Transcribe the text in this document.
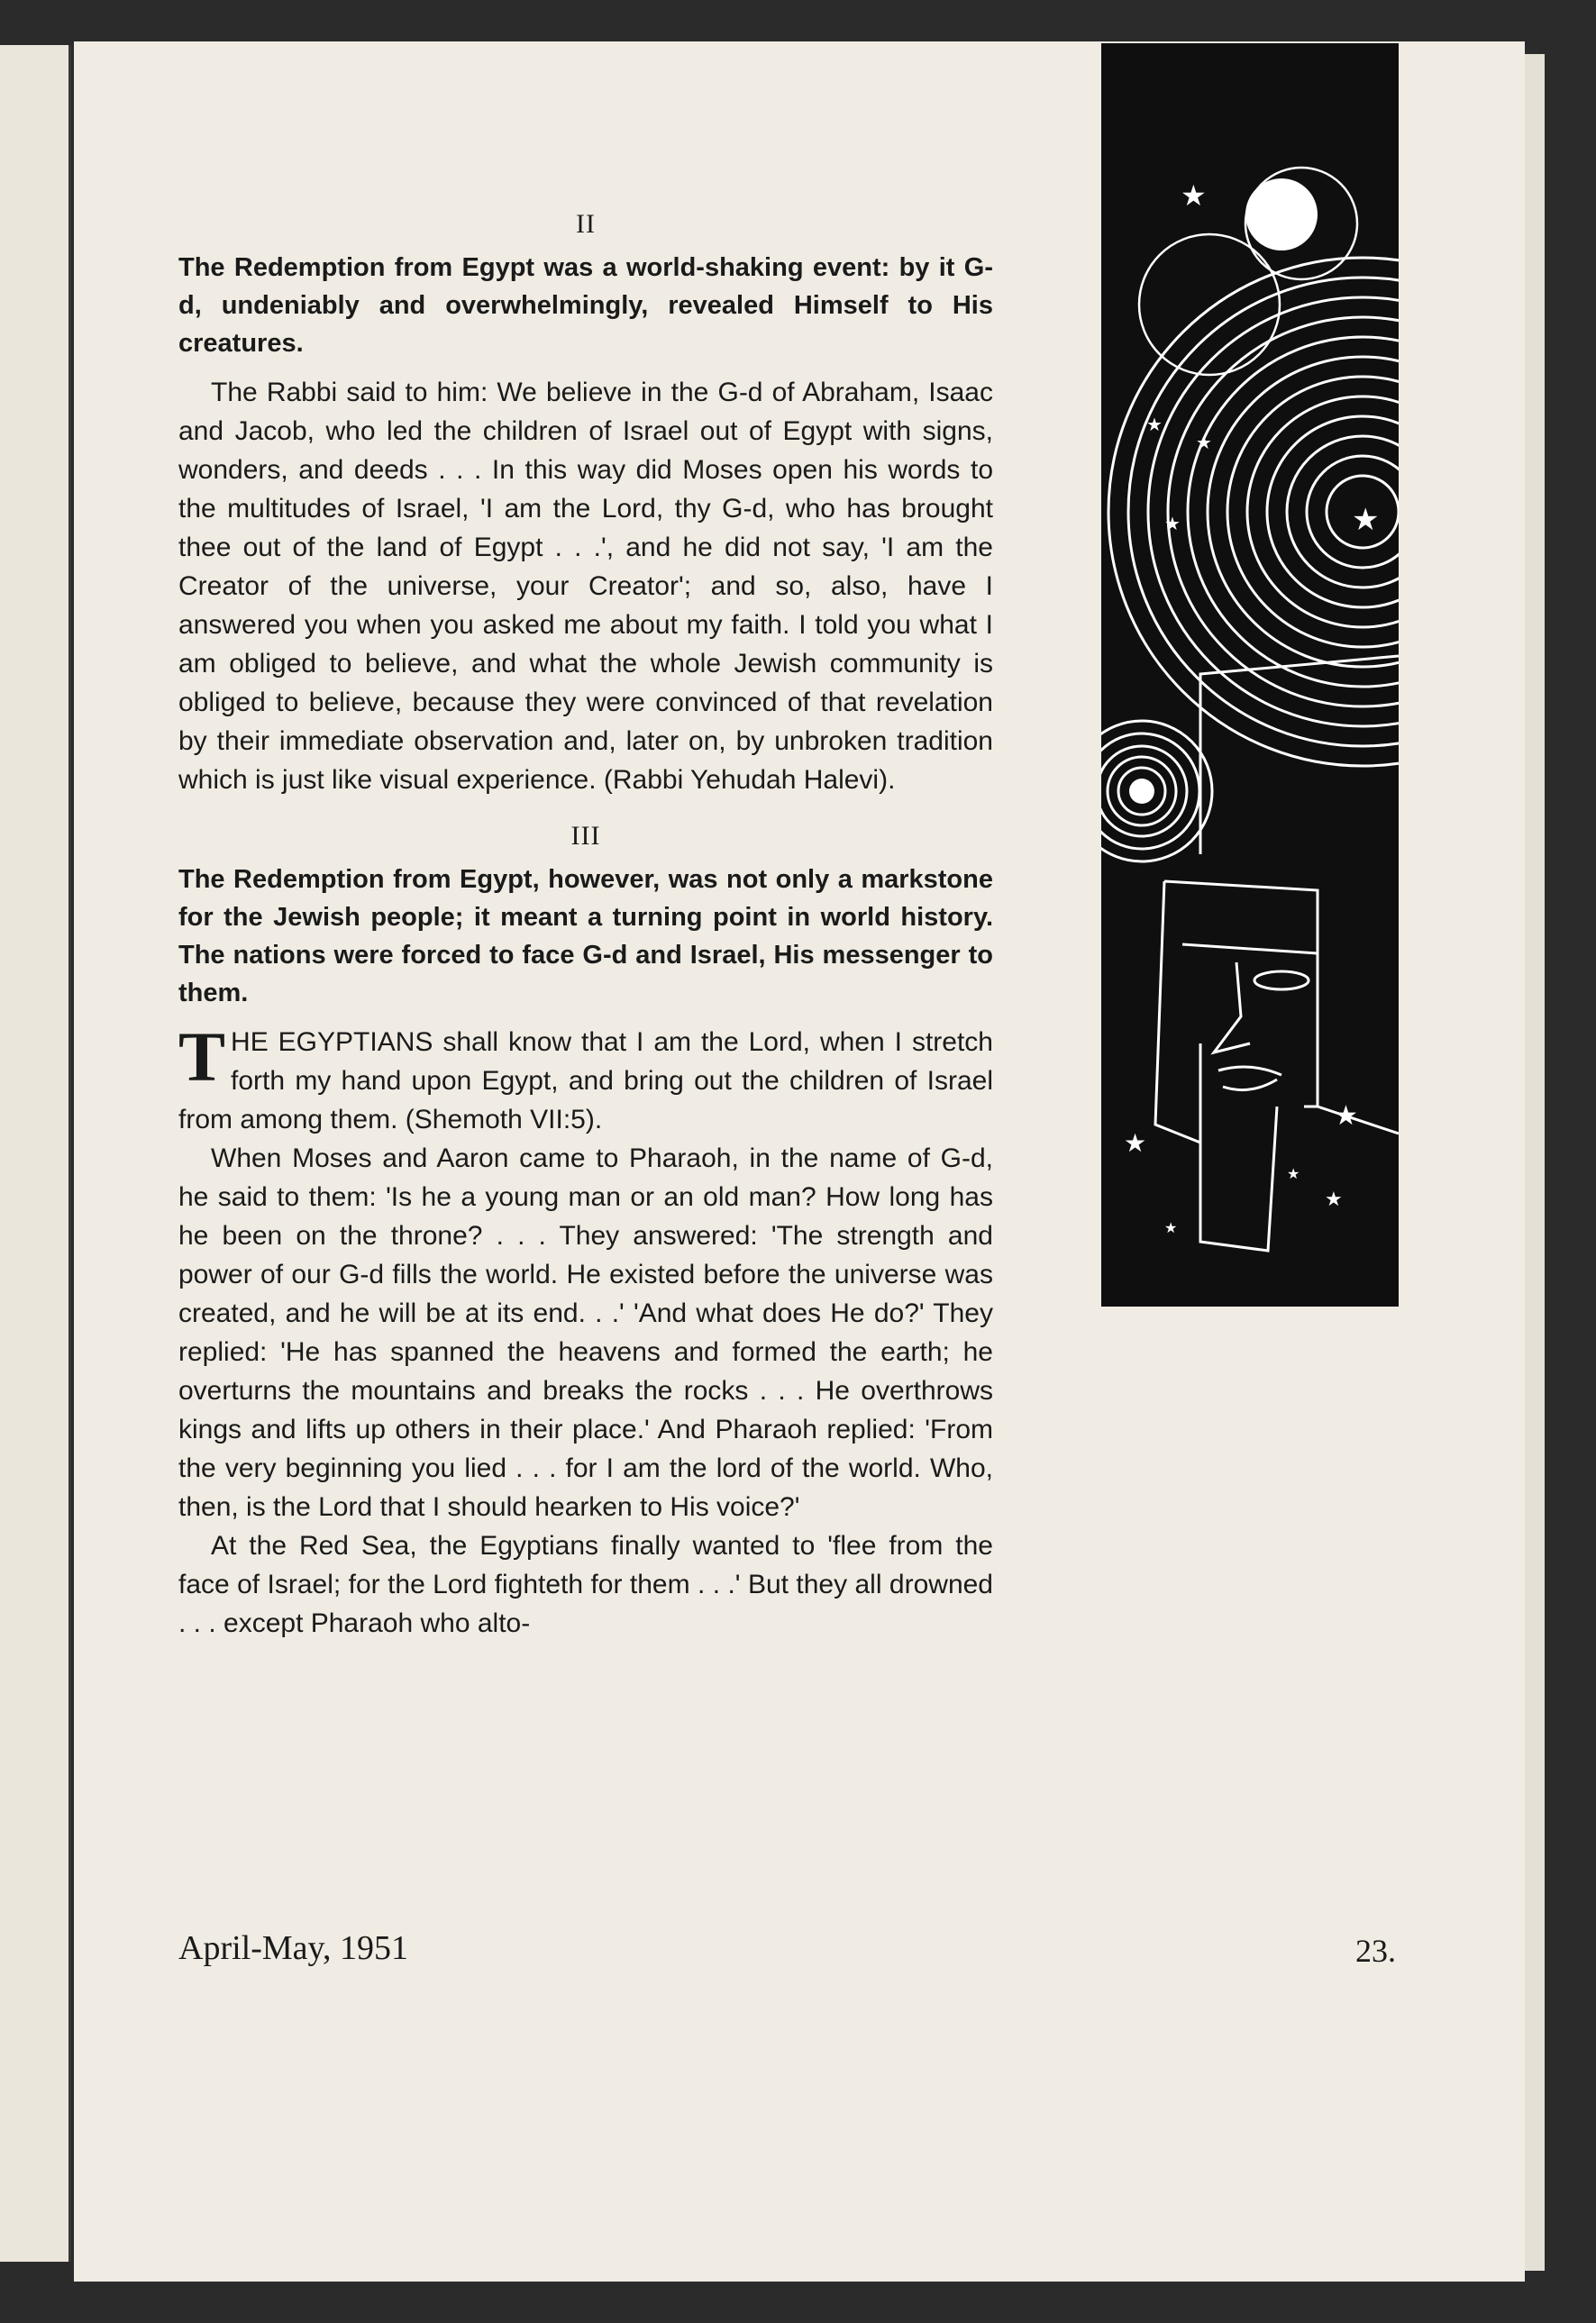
II

The Redemption from Egypt was a world-shaking event: by it G-d, undeniably and overwhelmingly, revealed Himself to His creatures.

The Rabbi said to him: We believe in the G-d of Abraham, Isaac and Jacob, who led the children of Israel out of Egypt with signs, wonders, and deeds . . . In this way did Moses open his words to the multitudes of Israel, 'I am the Lord, thy G-d, who has brought thee out of the land of Egypt . . .', and he did not say, 'I am the Creator of the universe, your Creator'; and so, also, have I answered you when you asked me about my faith. I told you what I am obliged to believe, and what the whole Jewish community is obliged to believe, because they were convinced of that revelation by their immediate observation and, later on, by unbroken tradition which is just like visual experience. (Rabbi Yehudah Halevi).

III

The Redemption from Egypt, however, was not only a markstone for the Jewish people; it meant a turning point in world history. The nations were forced to face G-d and Israel, His messenger to them.

THE EGYPTIANS shall know that I am the Lord, when I stretch forth my hand upon Egypt, and bring out the children of Israel from among them. (Shemoth VII:5).

When Moses and Aaron came to Pharaoh, in the name of G-d, he said to them: 'Is he a young man or an old man? How long has he been on the throne? . . . They answered: 'The strength and power of our G-d fills the world. He existed before the universe was created, and he will be at its end. . .' 'And what does He do?' They replied: 'He has spanned the heavens and formed the earth; he overturns the mountains and breaks the rocks . . . He overthrows kings and lifts up others in their place.' And Pharaoh replied: 'From the very beginning you lied . . . for I am the lord of the world. Who, then, is the Lord that I should hearken to His voice?'

At the Red Sea, the Egyptians finally wanted to 'flee from the face of Israel; for the Lord fighteth for them . . .' But they all drowned . . . except Pharaoh who alto-

★
★
★
★	★
★
★
★
★
★
April-May, 1951	23.
